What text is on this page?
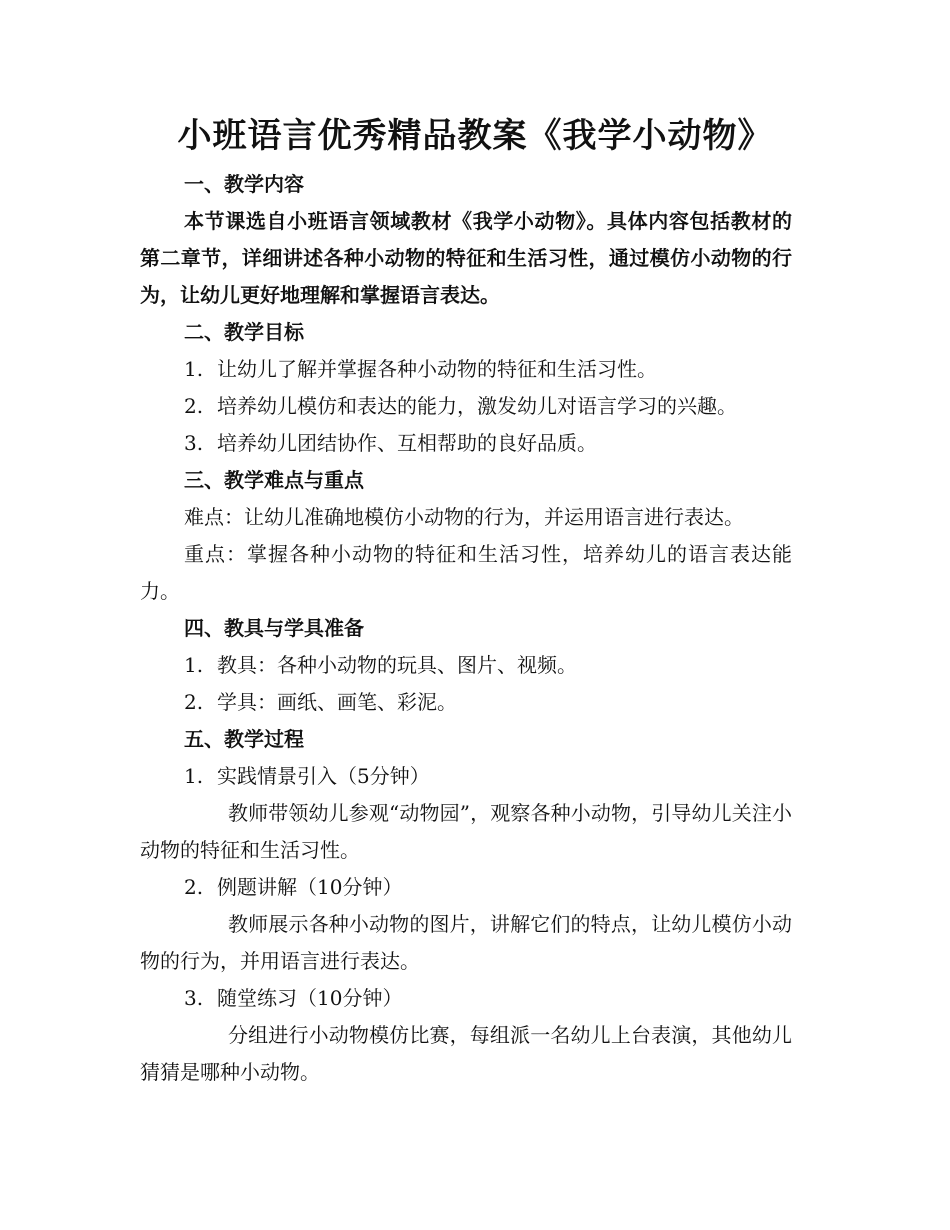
小班语言优秀精品教案《我学小动物》

一、教学内容

本节课选自小班语言领域教材《我学小动物》。具体内容包括教材的第二章节，详细讲述各种小动物的特征和生活习性，通过模仿小动物的行为，让幼儿更好地理解和掌握语言表达。

二、教学目标

1. 让幼儿了解并掌握各种小动物的特征和生活习性。

2. 培养幼儿模仿和表达的能力，激发幼儿对语言学习的兴趣。

3. 培养幼儿团结协作、互相帮助的良好品质。

三、教学难点与重点

难点：让幼儿准确地模仿小动物的行为，并运用语言进行表达。

重点：掌握各种小动物的特征和生活习性，培养幼儿的语言表达能力。

四、教具与学具准备

1. 教具：各种小动物的玩具、图片、视频。

2. 学具：画纸、画笔、彩泥。

五、教学过程

1. 实践情景引入（5分钟）

教师带领幼儿参观“动物园”，观察各种小动物，引导幼儿关注小动物的特征和生活习性。

2. 例题讲解（10分钟）

教师展示各种小动物的图片，讲解它们的特点，让幼儿模仿小动物的行为，并用语言进行表达。

3. 随堂练习（10分钟）

分组进行小动物模仿比赛，每组派一名幼儿上台表演，其他幼儿猜猜是哪种小动物。
